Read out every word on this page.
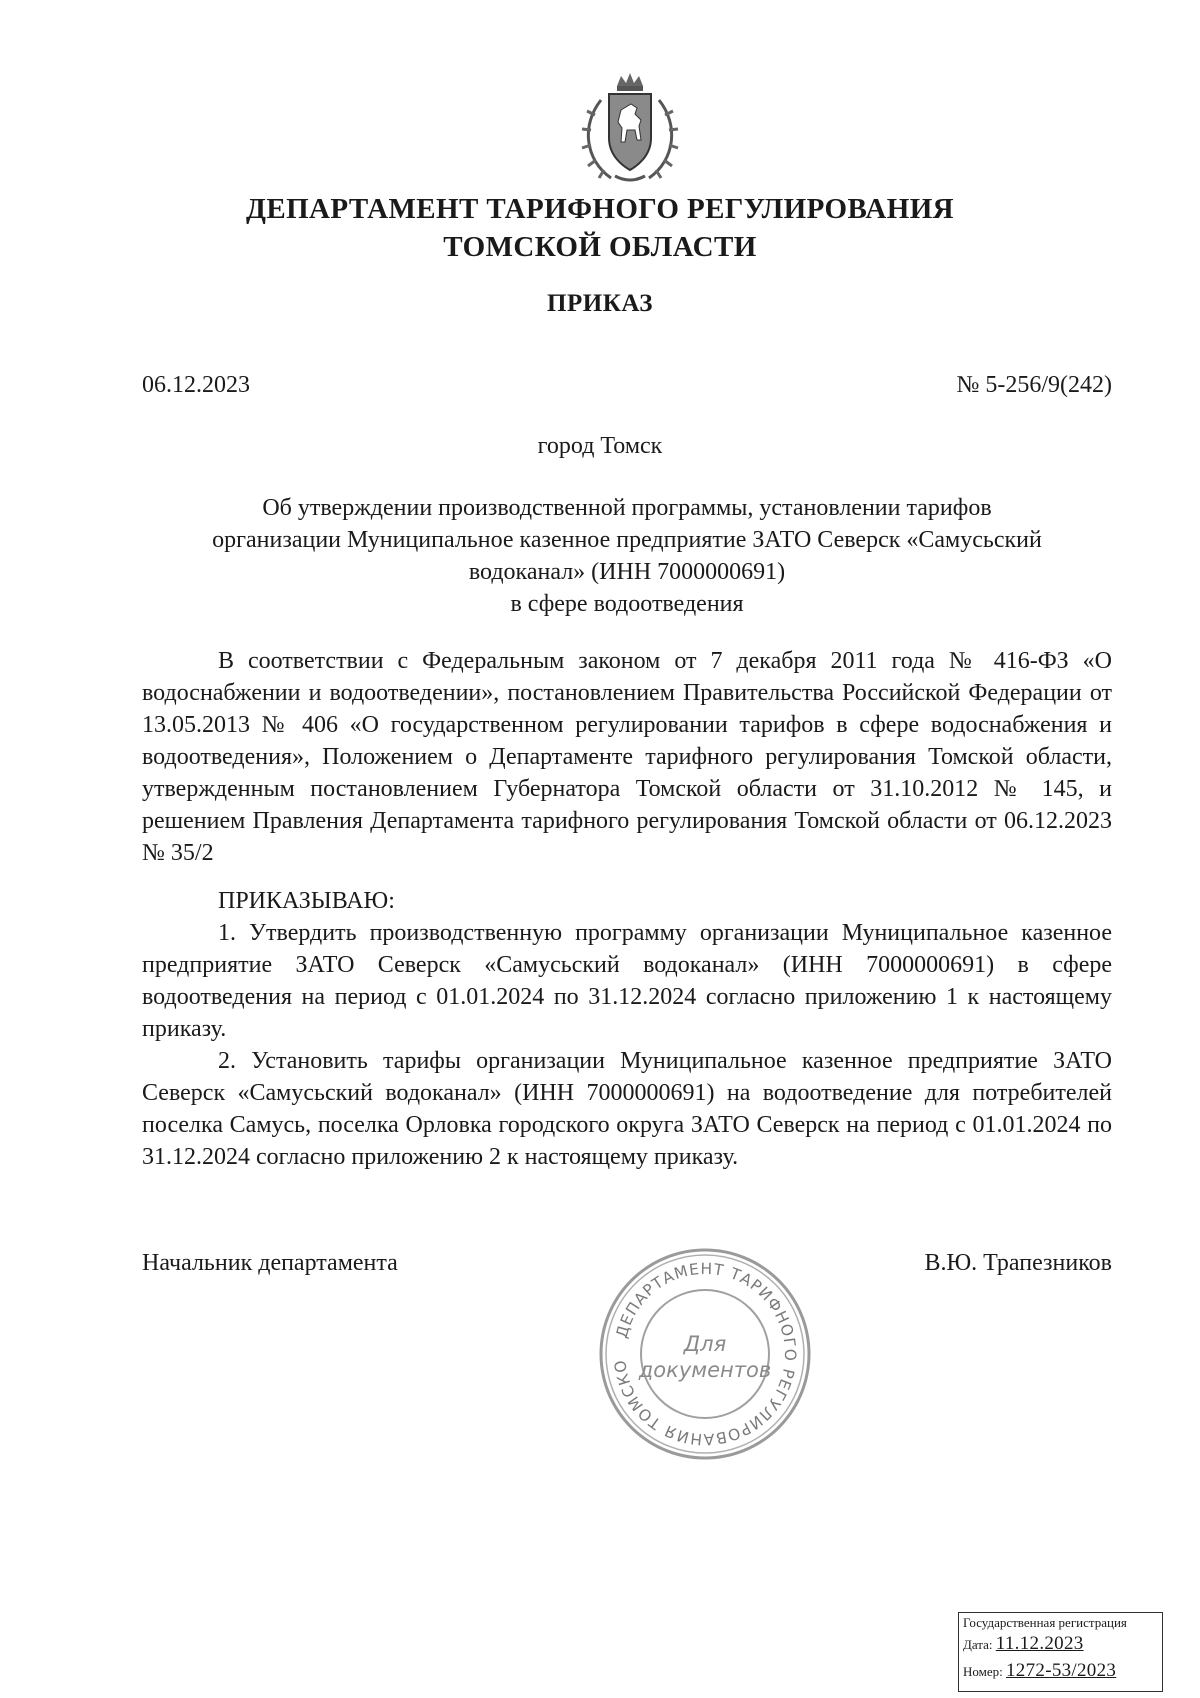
ДЕПАРТАМЕНТ ТАРИФНОГО РЕГУЛИРОВАНИЯ
ТОМСКОЙ ОБЛАСТИ
ПРИКАЗ
06.12.2023	№ 5-256/9(242)
город Томск
Об утверждении производственной программы, установлении тарифов
организации Муниципальное казенное предприятие ЗАТО Северск «Самусьский
водоканал» (ИНН 7000000691)
в сфере водоотведения
В соответствии с Федеральным законом от 7 декабря 2011 года № 416-ФЗ «О водоснабжении и водоотведении», постановлением Правительства Российской Федерации от 13.05.2013 № 406 «О государственном регулировании тарифов в сфере водоснабжения и водоотведения», Положением о Департаменте тарифного регулирования Томской области, утвержденным постановлением Губернатора Томской области от 31.10.2012 № 145, и решением Правления Департамента тарифного регулирования Томской области от 06.12.2023 № 35/2
ПРИКАЗЫВАЮ:
1. Утвердить производственную программу организации Муниципальное казенное предприятие ЗАТО Северск «Самусьский водоканал» (ИНН 7000000691) в сфере водоотведения на период с 01.01.2024 по 31.12.2024 согласно приложению 1 к настоящему приказу.
2. Установить тарифы организации Муниципальное казенное предприятие ЗАТО Северск «Самусьский водоканал» (ИНН 7000000691) на водоотведение для потребителей поселка Самусь, поселка Орловка городского округа ЗАТО Северск на период с 01.01.2024 по 31.12.2024 согласно приложению 2 к настоящему приказу.
Начальник департамента	В.Ю. Трапезников
ДЕПАРТАМЕНТ ТАРИФНОГО РЕГУЛИРОВАНИЯ ТОМСКО
Для
документов
Государственная регистрация
Дата: 11.12.2023
Номер: 1272-53/2023
